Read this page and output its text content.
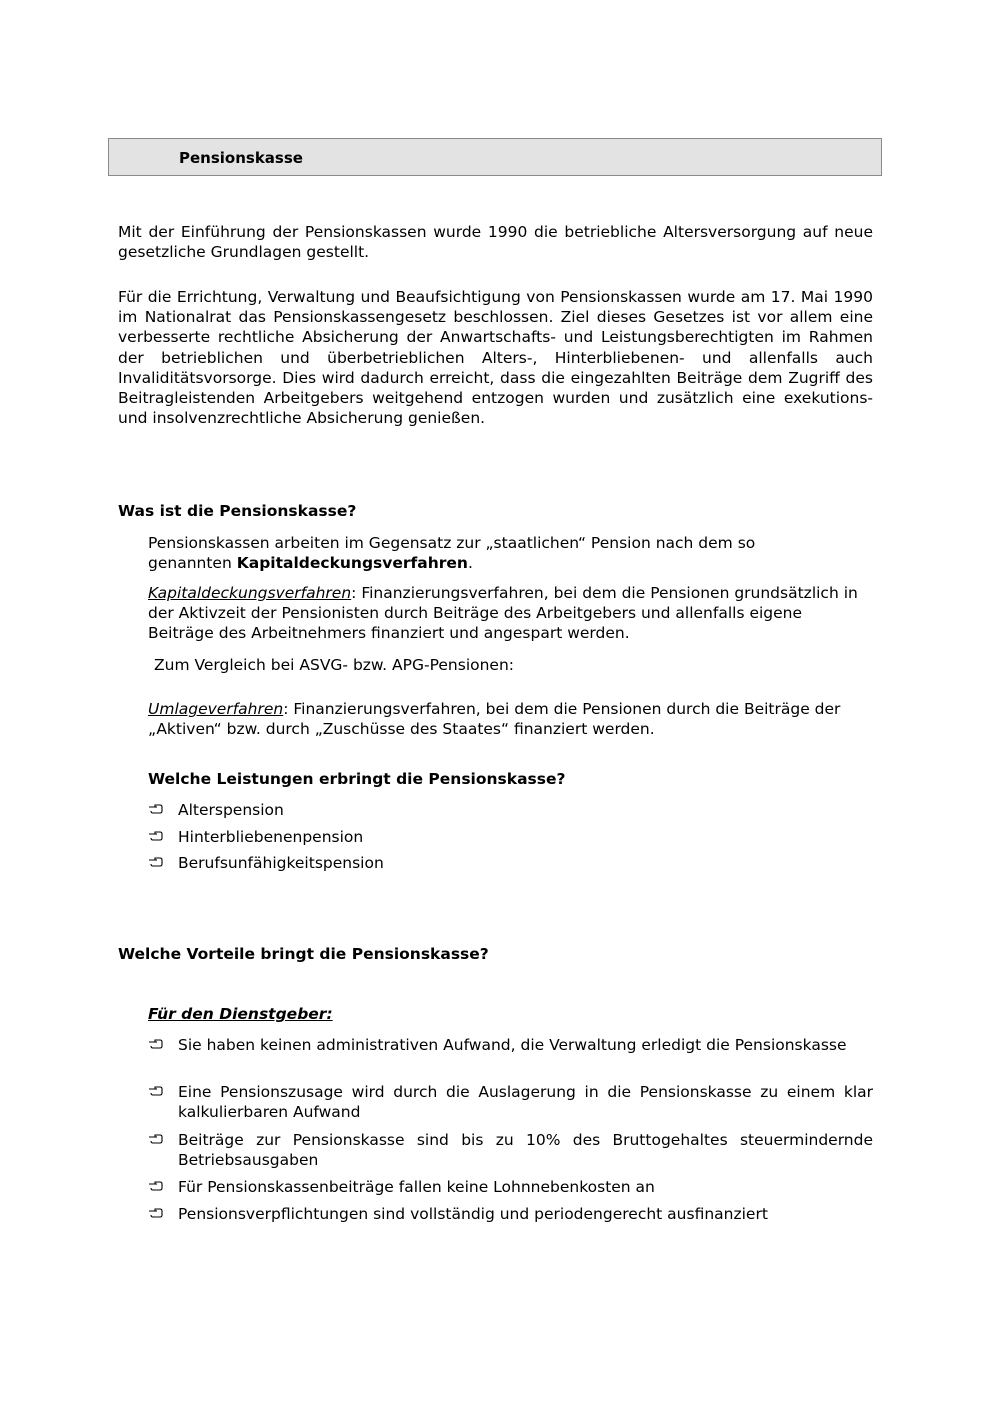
Pensionskasse

Mit der Einführung der Pensionskassen wurde 1990 die betriebliche Altersversorgung auf neue gesetzliche Grundlagen gestellt.

Für die Errichtung, Verwaltung und Beaufsichtigung von Pensionskassen wurde am 17. Mai 1990 im Nationalrat das Pensionskassengesetz beschlossen. Ziel dieses Gesetzes ist vor allem eine verbesserte rechtliche Absicherung der Anwartschafts- und Leistungsberechtigten im Rahmen der betrieblichen und überbetrieblichen Alters-, Hinterbliebenen- und allenfalls auch Invaliditätsvorsorge. Dies wird dadurch erreicht, dass die eingezahlten Beiträge dem Zugriff des Beitragleistenden Arbeitgebers weitgehend entzogen wurden und zusätzlich eine exekutions- und insolvenzrechtliche Absicherung genießen.

Was ist die Pensionskasse?

Pensionskassen arbeiten im Gegensatz zur „staatlichen“ Pension nach dem so genannten Kapitaldeckungsverfahren.

Kapitaldeckungsverfahren: Finanzierungsverfahren, bei dem die Pensionen grundsätzlich in der Aktivzeit der Pensionisten durch Beiträge des Arbeitgebers und allenfalls eigene Beiträge des Arbeitnehmers finanziert und angespart werden.

Zum Vergleich bei ASVG- bzw. APG-Pensionen:

Umlageverfahren: Finanzierungsverfahren, bei dem die Pensionen durch die Beiträge der „Aktiven“ bzw. durch „Zuschüsse des Staates“ finanziert werden.

Welche Leistungen erbringt die Pensionskasse?

Alterspension
Hinterbliebenenpension
Berufsunfähigkeitspension

Welche Vorteile bringt die Pensionskasse?

Für den Dienstgeber:

Sie haben keinen administrativen Aufwand, die Verwaltung erledigt die Pensionskasse
Eine Pensionszusage wird durch die Auslagerung in die Pensionskasse zu einem klar kalkulierbaren Aufwand
Beiträge zur Pensionskasse sind bis zu 10% des Bruttogehaltes steuermindernde Betriebsausgaben
Für Pensionskassenbeiträge fallen keine Lohnnebenkosten an
Pensionsverpflichtungen sind vollständig und periodengerecht ausfinanziert
